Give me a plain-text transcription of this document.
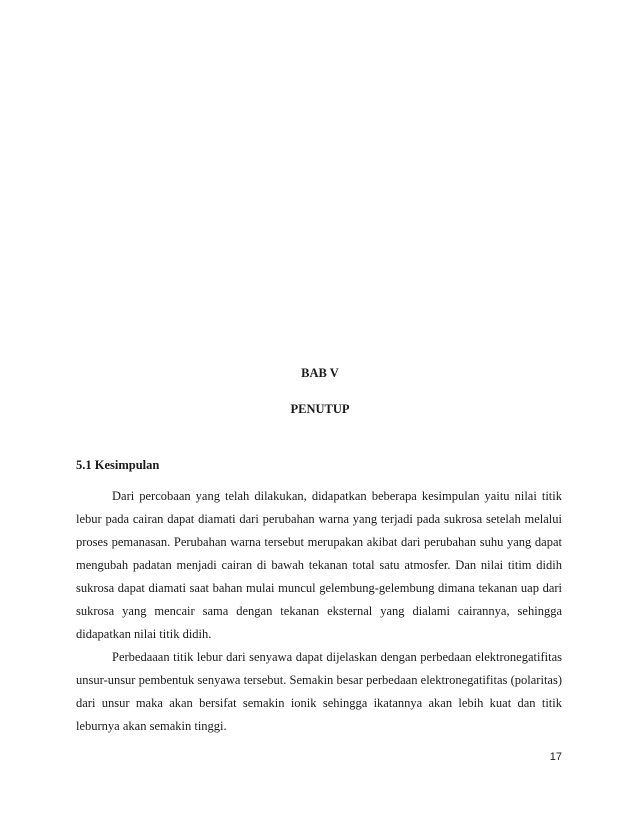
BAB V
PENUTUP
5.1 Kesimpulan

Dari percobaan yang telah dilakukan, didapatkan beberapa kesimpulan yaitu nilai titik lebur pada cairan dapat diamati dari perubahan warna yang terjadi pada sukrosa setelah melalui proses pemanasan. Perubahan warna tersebut merupakan akibat dari perubahan suhu yang dapat mengubah padatan menjadi cairan di bawah tekanan total satu atmosfer. Dan nilai titim didih sukrosa dapat diamati saat bahan mulai muncul gelembung-gelembung dimana tekanan uap dari sukrosa yang mencair sama dengan tekanan eksternal yang dialami cairannya, sehingga didapatkan nilai titik didih.

Perbedaaan titik lebur dari senyawa dapat dijelaskan dengan perbedaan elektronegatifitas unsur-unsur pembentuk senyawa tersebut. Semakin besar perbedaan elektronegatifitas (polaritas) dari unsur maka akan bersifat semakin ionik sehingga ikatannya akan lebih kuat dan titik leburnya akan semakin tinggi.

17
